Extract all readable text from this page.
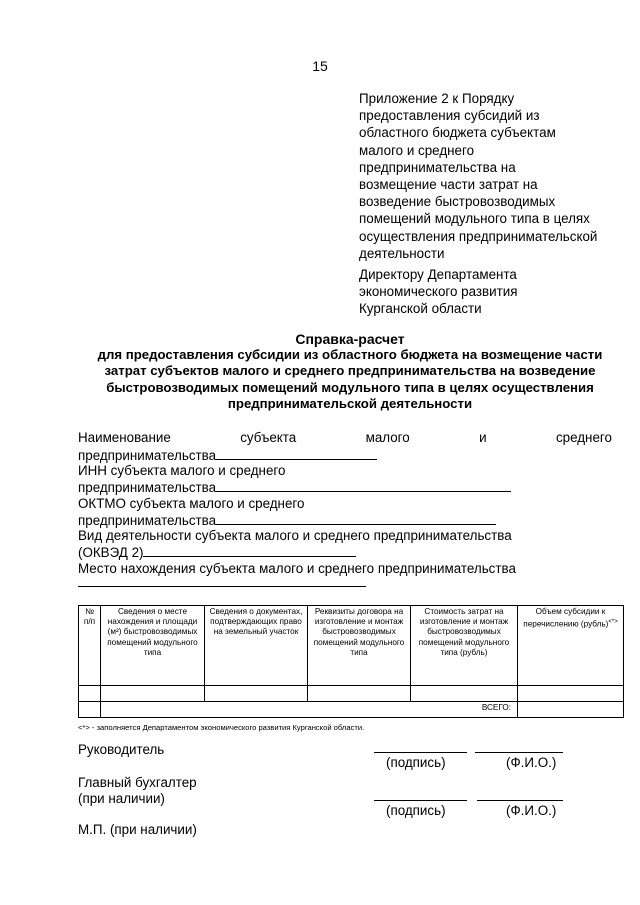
15
Приложение 2 к Порядку
предоставления субсидий из
областного бюджета субъектам
малого и среднего
предпринимательства на
возмещение части затрат на
возведение быстровозводимых
помещений модульного типа в целях
осуществления предпринимательской
деятельности
Директору Департамента
экономического развития
Курганской области
Справка-расчет
для предоставления субсидии из областного бюджета на возмещение части
затрат субъектов малого и среднего предпринимательства на возведение
быстровозводимых помещений модульного типа в целях осуществления
предпринимательской деятельности
Наименование	субъекта	малого	и	среднего
предпринимательства
ИНН субъекта малого и среднего
предпринимательства
ОКТМО субъекта малого и среднего
предпринимательства
Вид деятельности субъекта малого и среднего предпринимательства
(ОКВЭД 2)
Место нахождения субъекта малого и среднего предпринимательства
№ п/п	Сведения о месте нахождения и площади (м²) быстровозводимых помещений модульного типа	Сведения о документах, подтверждающих право на земельный участок	Реквизиты договора на изготовление и монтаж быстровозводимых помещений модульного типа	Стоимость затрат на изготовление и монтаж быстровозводимых помещений модульного типа (рубль)	Объем субсидии к перечислению (рубль)<*>

				ВСЕГО:	
<*> - заполняется Департаментом экономического развития Курганской области.
Руководитель
(подпись)	(Ф.И.О.)
Главный бухгалтер
(при наличии)
(подпись)	(Ф.И.О.)
М.П. (при наличии)
